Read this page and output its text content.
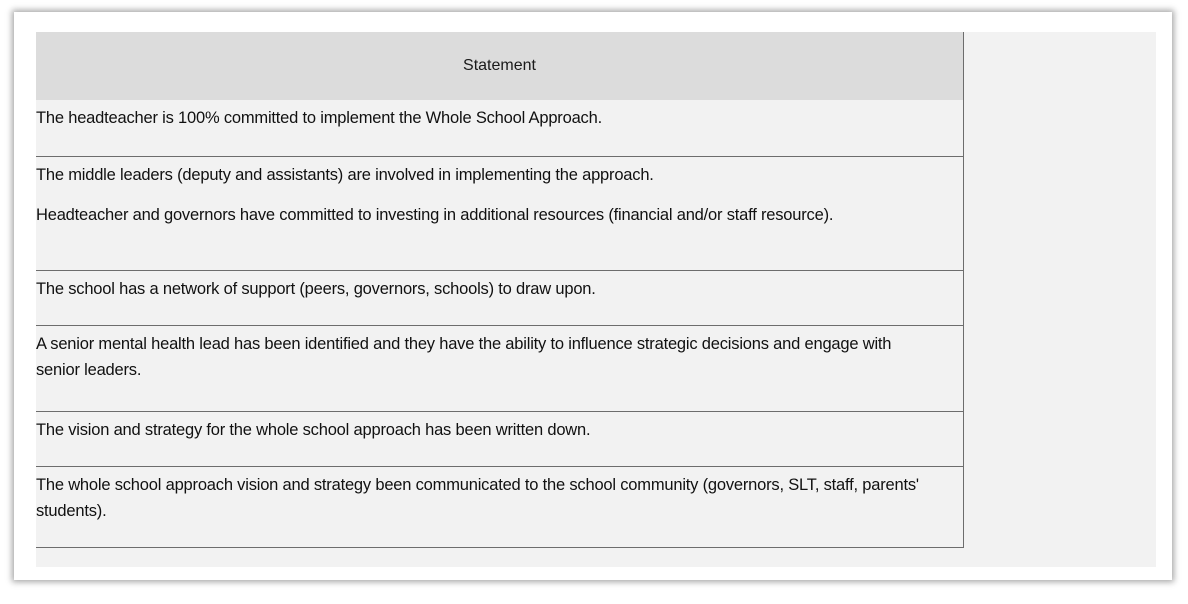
Statement
The headteacher is 100% committed to implement the Whole School Approach.
The middle leaders (deputy and assistants) are involved in implementing the approach.
Headteacher and governors have committed to investing in additional resources (financial and/or staff resource).
The school has a network of support (peers, governors, schools) to draw upon.
A senior mental health lead has been identified and they have the ability to influence strategic decisions and engage with senior leaders.
The vision and strategy for the whole school approach has been written down.
The whole school approach vision and strategy been communicated to the school community (governors, SLT, staff, parents' students).
